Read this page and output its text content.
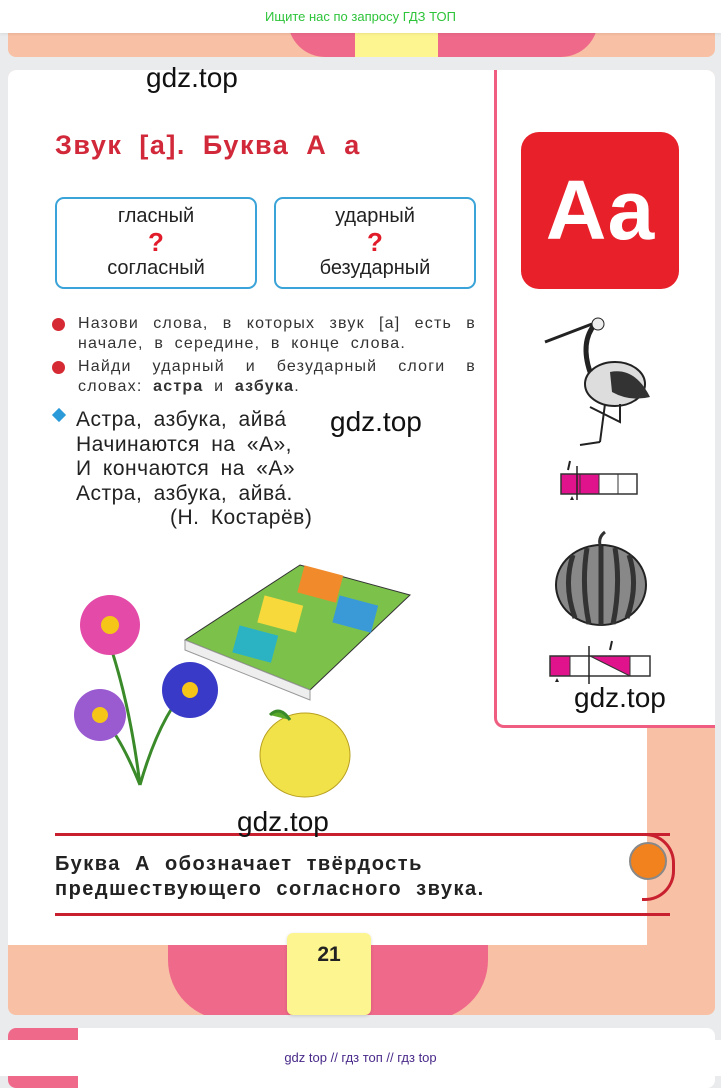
Ищите нас по запросу ГДЗ ТОП
gdz.top
Звук [а]. Буква А а
гласный
?
согласный
ударный
?
безударный
Назови слова, в которых звук [а] есть в начале, в середине, в конце слова.
Найди ударный и безударный слоги в словах: астра и азбука.
Астра, азбука, айва́
Начинаются на «А»,
И кончаются на «А»
Астра, азбука, айва́.
(Н. Костарёв)
gdz.top
Аа
gdz.top
gdz.top
Буква А обозначает твёрдость
предшествующего согласного звука.
21
gdz top // гдз топ // гдз top
